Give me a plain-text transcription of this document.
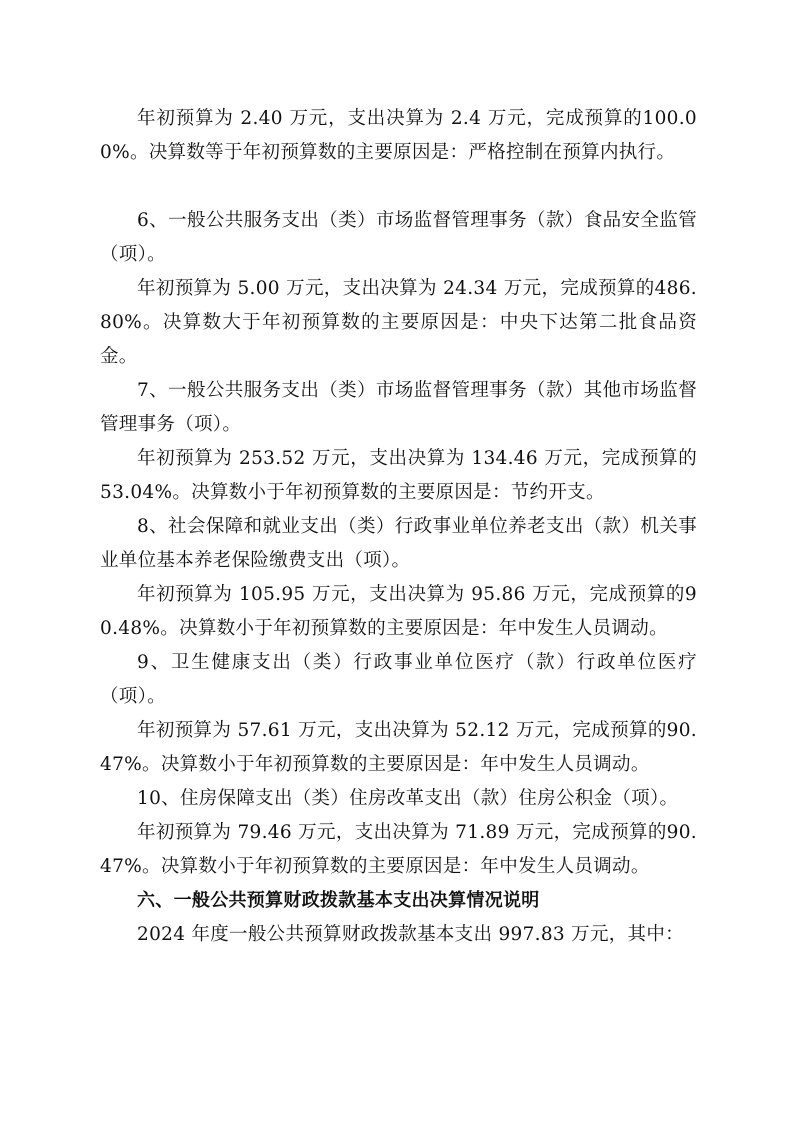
年初预算为 2.40 万元，支出决算为 2.4 万元，完成预算的100.00%。决算数等于年初预算数的主要原因是：严格控制在预算内执行。

6、一般公共服务支出（类）市场监督管理事务（款）食品安全监管（项）。

年初预算为 5.00 万元，支出决算为 24.34 万元，完成预算的486.80%。决算数大于年初预算数的主要原因是：中央下达第二批食品资金。

7、一般公共服务支出（类）市场监督管理事务（款）其他市场监督管理事务（项）。

年初预算为 253.52 万元，支出决算为 134.46 万元，完成预算的53.04%。决算数小于年初预算数的主要原因是：节约开支。

8、社会保障和就业支出（类）行政事业单位养老支出（款）机关事业单位基本养老保险缴费支出（项）。

年初预算为 105.95 万元，支出决算为 95.86 万元，完成预算的90.48%。决算数小于年初预算数的主要原因是：年中发生人员调动。

9、卫生健康支出（类）行政事业单位医疗（款）行政单位医疗（项）。

年初预算为 57.61 万元，支出决算为 52.12 万元，完成预算的90.47%。决算数小于年初预算数的主要原因是：年中发生人员调动。

10、住房保障支出（类）住房改革支出（款）住房公积金（项）。

年初预算为 79.46 万元，支出决算为 71.89 万元，完成预算的90.47%。决算数小于年初预算数的主要原因是：年中发生人员调动。

六、一般公共预算财政拨款基本支出决算情况说明

2024 年度一般公共预算财政拨款基本支出 997.83 万元，其中：
